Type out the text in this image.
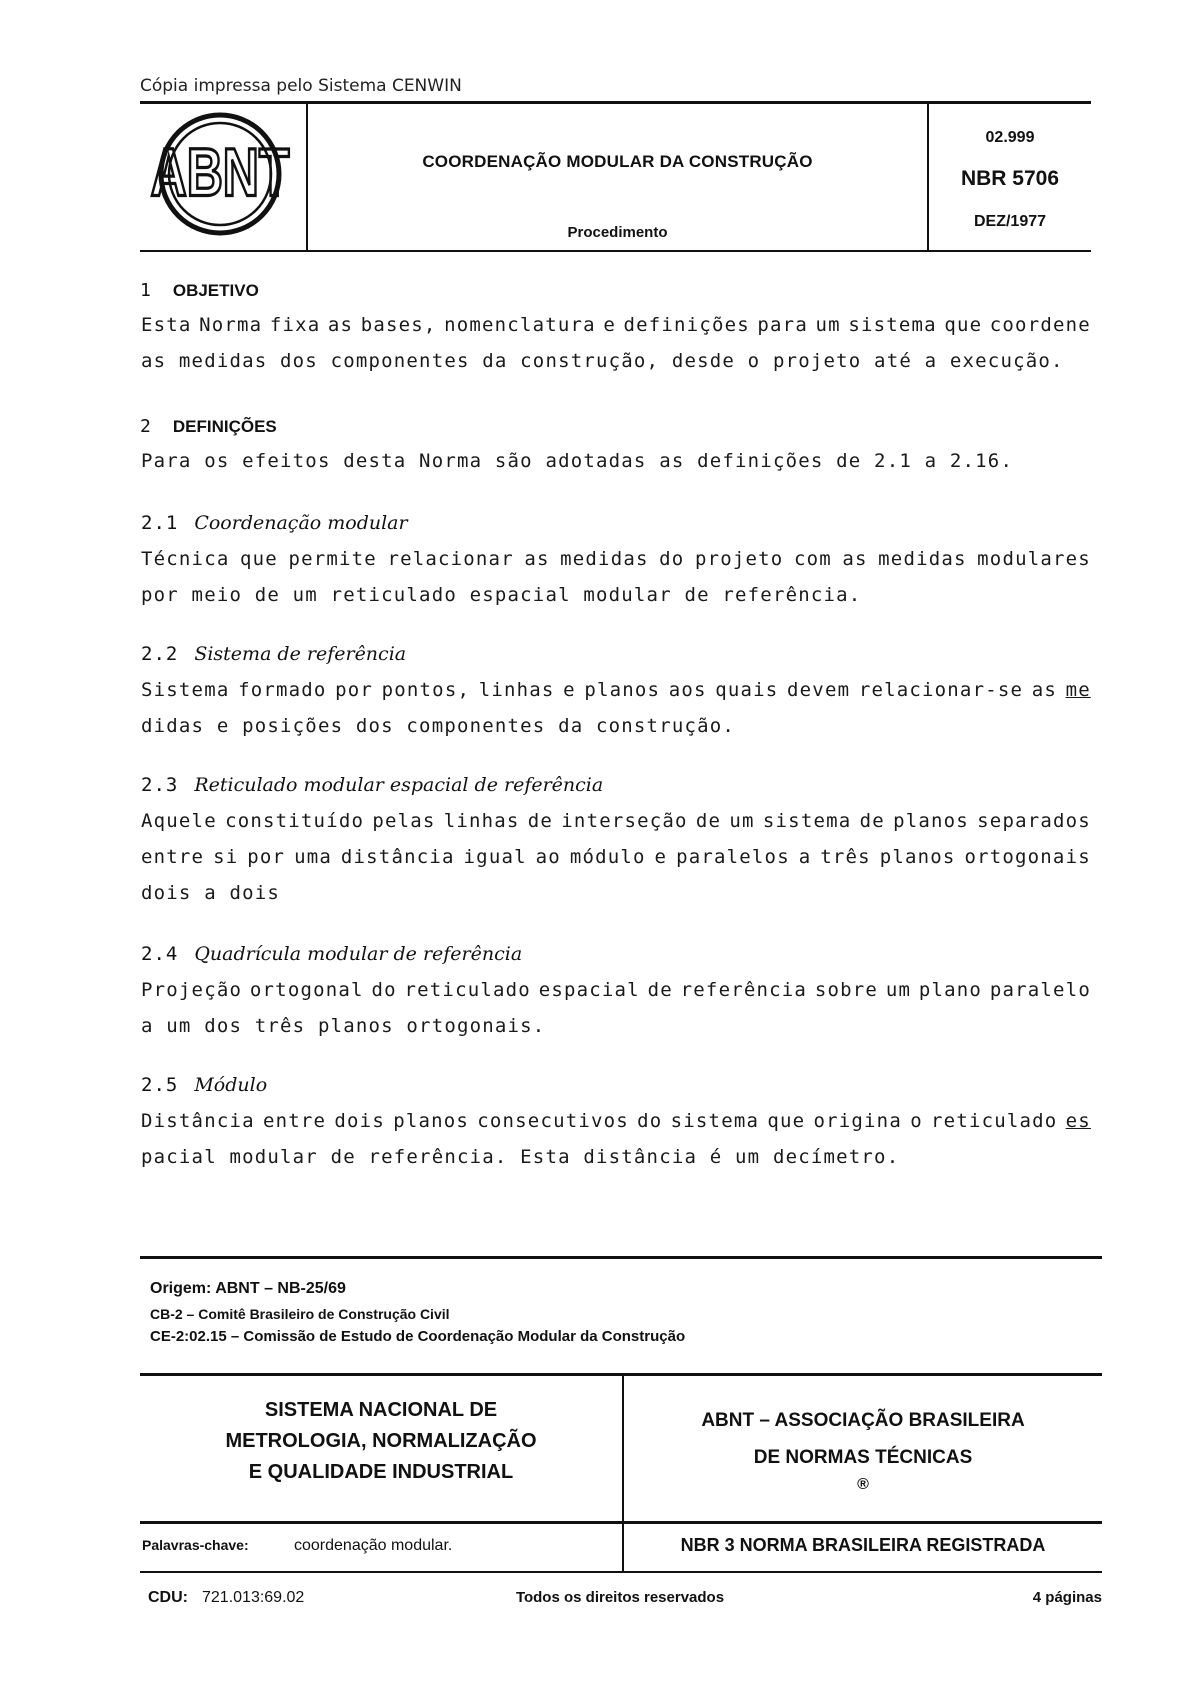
Cópia impressa pelo Sistema CENWIN
ABNT	COORDENAÇÃO MODULAR DA CONSTRUÇÃO
Procedimento
02.999
NBR 5706
DEZ/1977
1 OBJETIVO
Esta Norma fixa as bases, nomenclatura e definições para um sistema que coordene
as medidas dos componentes da construção, desde o projeto até a execução.
2 DEFINIÇÕES
Para os efeitos desta Norma são adotadas as definições de 2.1 a 2.16.
2.1 Coordenação modular
Técnica que permite relacionar as medidas do projeto com as medidas modulares
por meio de um reticulado espacial modular de referência.
2.2 Sistema de referência
Sistema formado por pontos, linhas e planos aos quais devem relacionar-se as me
didas e posições dos componentes da construção.
2.3 Reticulado modular espacial de referência
Aquele constituído pelas linhas de interseção de um sistema de planos separados
entre si por uma distância igual ao módulo e paralelos a três planos ortogonais
dois a dois
2.4 Quadrícula modular de referência
Projeção ortogonal do reticulado espacial de referência sobre um plano paralelo
a um dos três planos ortogonais.
2.5 Módulo
Distância entre dois planos consecutivos do sistema que origina o reticulado es
pacial modular de referência. Esta distância é um decímetro.
Origem: ABNT – NB-25/69
CB-2 – Comitê Brasileiro de Construção Civil
CE-2:02.15 – Comissão de Estudo de Coordenação Modular da Construção
SISTEMA NACIONAL DE
METROLOGIA, NORMALIZAÇÃO
E QUALIDADE INDUSTRIAL
ABNT – ASSOCIAÇÃO BRASILEIRA
DE NORMAS TÉCNICAS
®
Palavras-chave:	coordenação modular.	NBR 3 NORMA BRASILEIRA REGISTRADA
CDU: 721.013:69.02	Todos os direitos reservados	4 páginas
